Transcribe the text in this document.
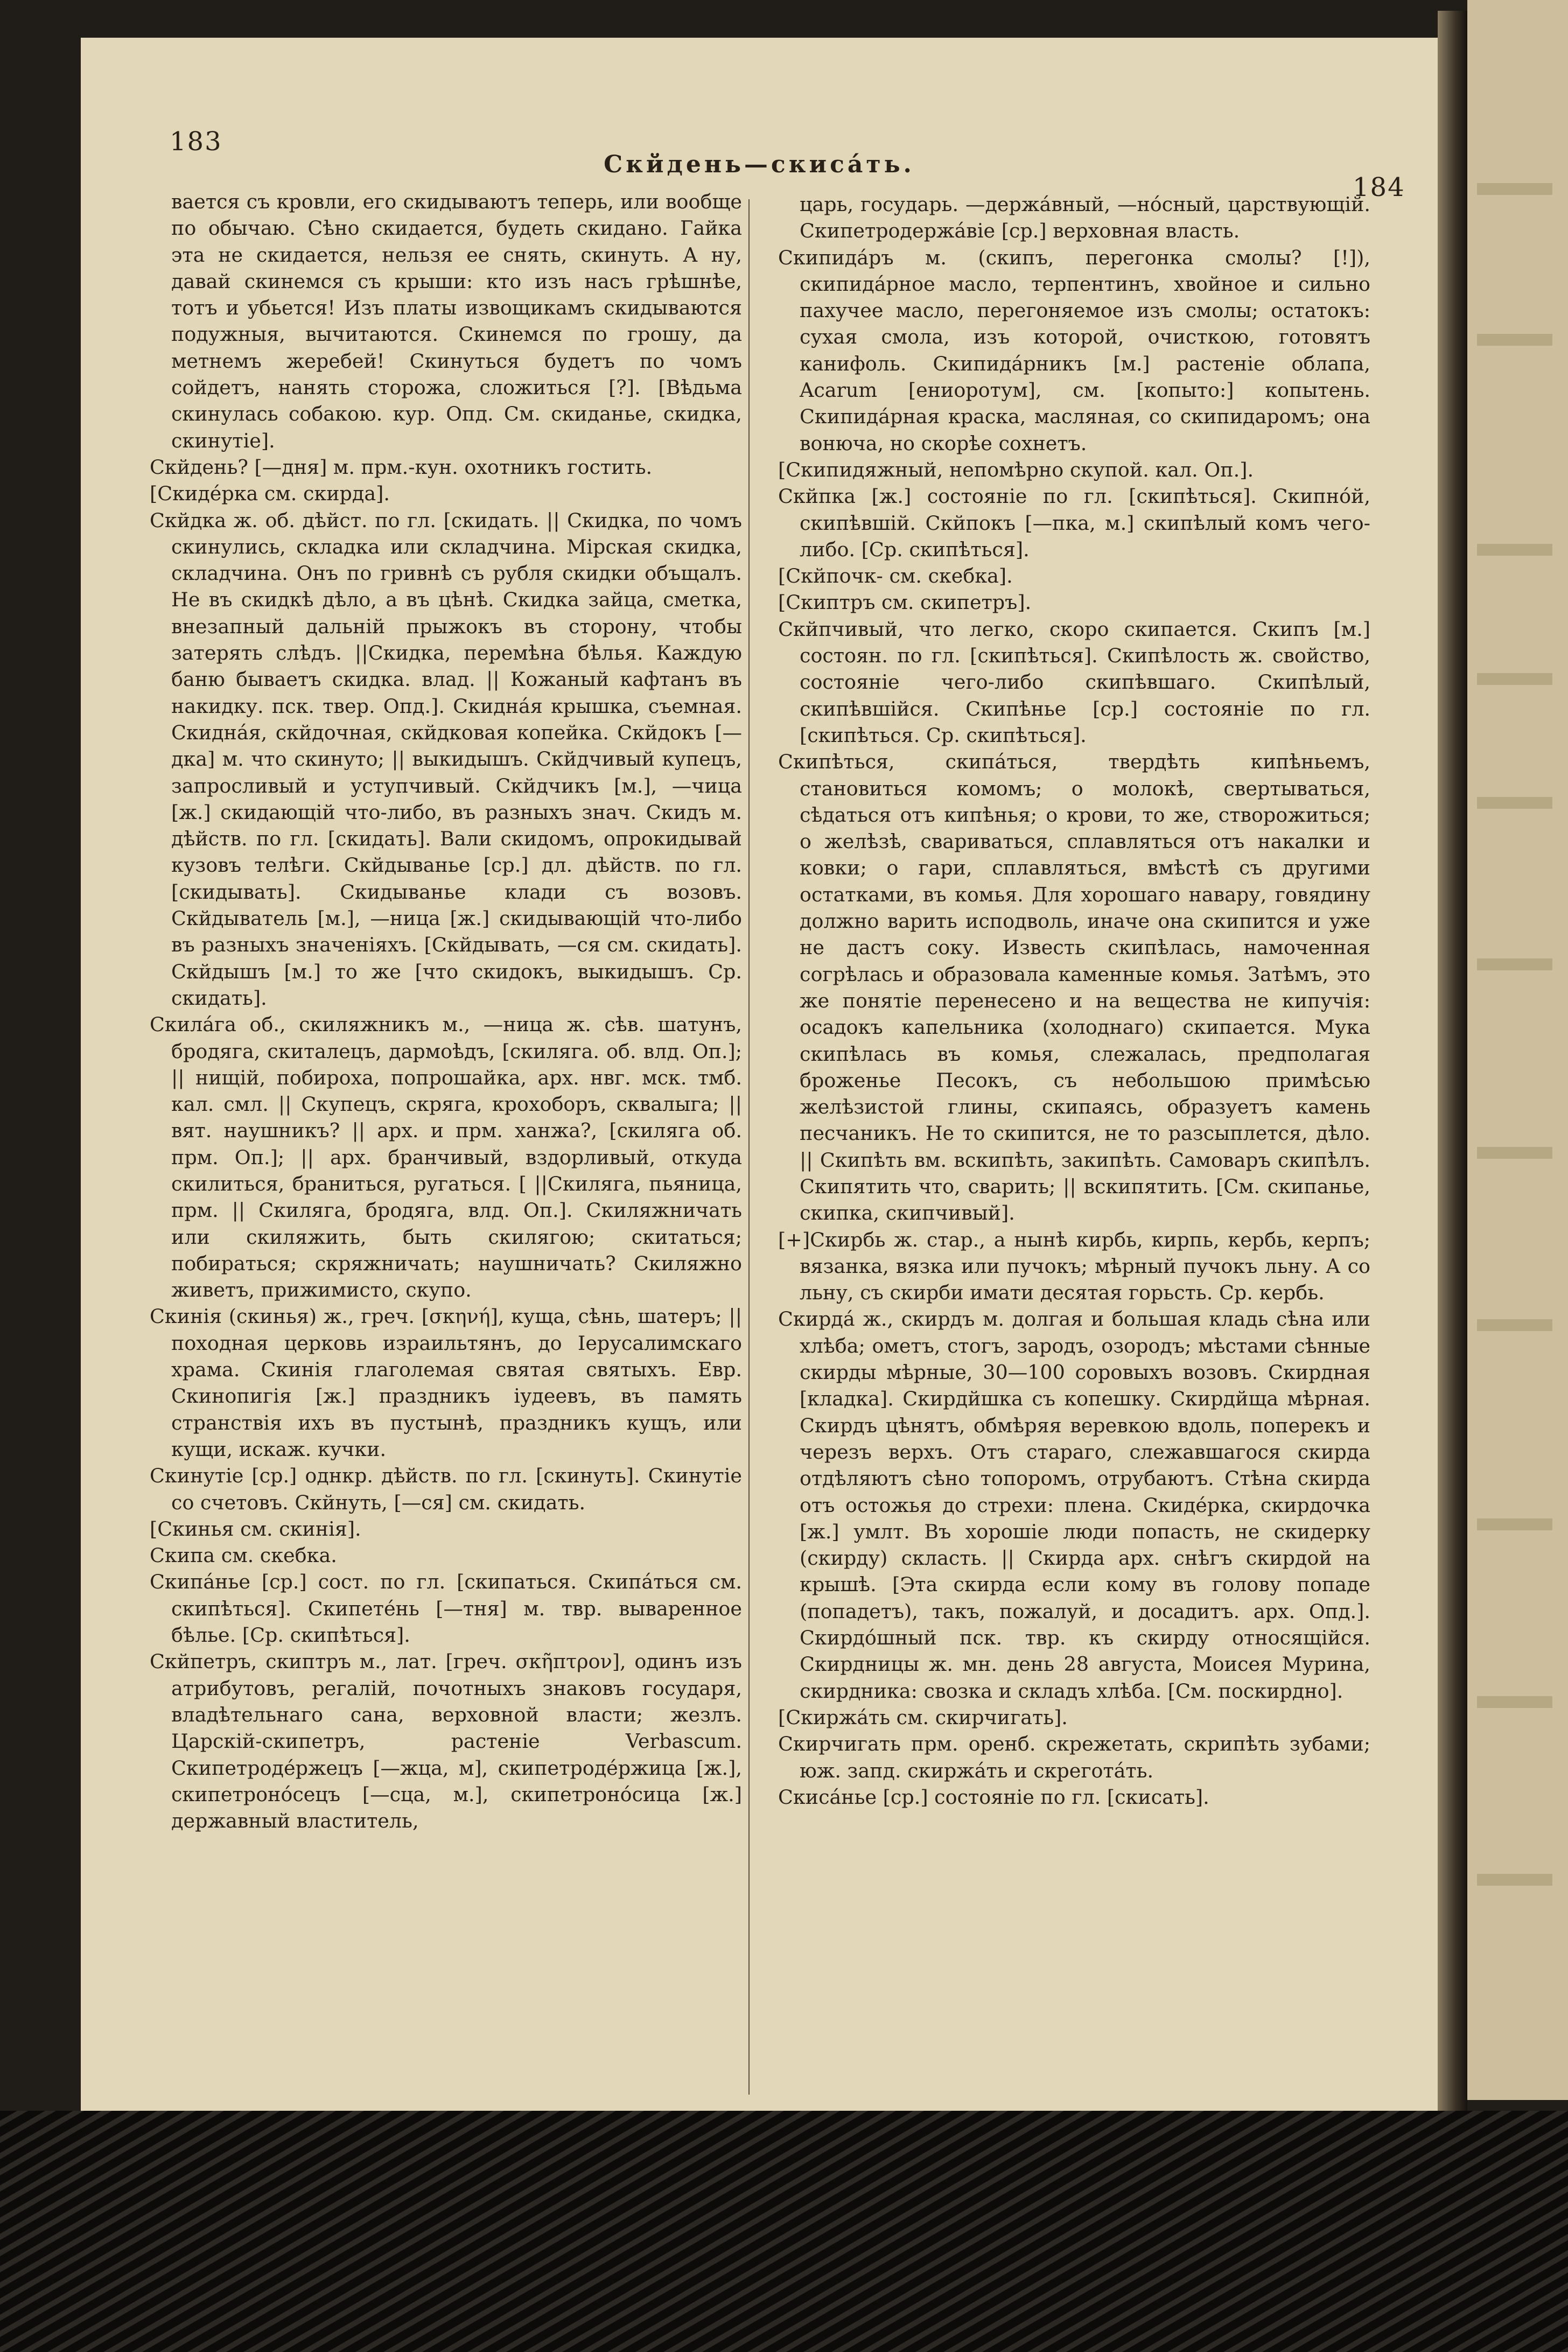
183
Скйдень—скисáть.
184

вается съ кровли, его скидываютъ теперь, или вообще по обычаю. Сѣно скидается, будеть скидано. Гайка эта не скидается, нельзя ее снять, скинуть. А ну, давай скинемся съ крыши: кто изъ насъ грѣшнѣе, тотъ и убьется! Изъ платы извощикамъ скидываются подужныя, вычитаются. Скинемся по грошу, да метнемъ жеребей! Скинуться будетъ по чомъ сойдетъ, нанять сторожа, сложиться [?]. [Вѣдьма скинулась собакою. кур. Опд. См. скиданье, скидка, скинутіе].

Скйдень? [—дня] м. прм.-кун. охотникъ гостить.

[Скидéрка см. скирда].

Скйдка ж. об. дѣйст. по гл. [скидать. || Скидка, по чомъ скинулись, складка или складчина. Мірская скидка, складчина. Онъ по гривнѣ съ рубля скидки объщалъ. Не въ скидкѣ дѣло, а въ цѣнѣ. Скидка зайца, сметка, внезапный дальній прыжокъ въ сторону, чтобы затерять слѣдъ. ||Скидка, перемѣна бѣлья. Каждую баню бываетъ скидка. влад. || Кожаный кафтанъ въ накидку. пск. твер. Опд.]. Скиднáя крышка, съемная. Скиднáя, скйдочная, скйдковая копейка. Скйдокъ [—дка] м. что скинуто; || выкидышъ. Скйдчивый купецъ, запросливый и уступчивый. Скйдчикъ [м.], —чица [ж.] скидающій что-либо, въ разныхъ знач. Скидъ м. дѣйств. по гл. [скидать]. Вали скидомъ, опрокидывай кузовъ телѣги. Скйдыванье [ср.] дл. дѣйств. по гл. [скидывать]. Скидыванье клади съ возовъ. Скйдыватель [м.], —ница [ж.] скидывающій что-либо въ разныхъ значеніяхъ. [Скйдывать, —ся см. скидать]. Скйдышъ [м.] то же [что скидокъ, выкидышъ. Ср. скидать].

Скилáга об., скиляжникъ м., —ница ж. сѣв. шатунъ, бродяга, скиталецъ, дармоѣдъ, [скиляга. об. влд. Оп.]; || нищій, побироха, попрошайка, арх. нвг. мск. тмб. кал. смл. || Скупецъ, скряга, крохоборъ, сквалыга; || вят. наушникъ? || арх. и прм. ханжа?, [скиляга об. прм. Оп.]; || арх. бранчивый, вздорливый, откуда скилиться, браниться, ругаться. [ ||Скиляга, пьяница, прм. || Скиляга, бродяга, влд. Оп.]. Скиляжничать или скиляжить, быть скилягою; скитаться; побираться; скряжничать; наушничать? Скиляжно живетъ, прижимисто, скупо.

Скинія (скинья) ж., греч. [σκηνή], куща, сѣнь, шатеръ; || походная церковь израильтянъ, до Іерусалимскаго храма. Скинія глаголемая святая святыхъ. Евр. Скинопигія [ж.] праздникъ іудеевъ, въ память странствія ихъ въ пустынѣ, праздникъ кущъ, или кущи, искаж. кучки.

Скинутіе [ср.] однкр. дѣйств. по гл. [скинуть]. Скинутіе со счетовъ. Скйнуть, [—ся] см. скидать.

[Скинья см. скинія].

Скипа см. скебка.

Скипáнье [ср.] сост. по гл. [скипаться. Скипáться см. скипѣться]. Скипетéнь [—тня] м. твр. вываренное бѣлье. [Ср. скипѣться].

Скйпетръ, скиптръ м., лат. [греч. σκῆπτρον], одинъ изъ атрибутовъ, регалій, почотныхъ знаковъ государя, владѣтельнаго сана, верховной власти; жезлъ. Царскій-скипетръ, растеніе Verbascum. Скипетродéржецъ [—жца, м], скипетродéржица [ж.], скипетронóсецъ [—сца, м.], скипетронóсица [ж.] державный властитель,

царь, государь. —держáвный, —нóсный, царствующій. Скипетродержáвіе [ср.] верховная власть.

Скипидáръ м. (скипъ, перегонка смолы? [!]), скипидáрное масло, терпентинъ, хвойное и сильно пахучее масло, перегоняемое изъ смолы; остатокъ: сухая смола, изъ которой, очисткою, готовятъ канифоль. Скипидáрникъ [м.] растеніе облапа, Acarum [ениоротум], см. [копыто:] копытень. Скипидáрная краска, масляная, со скипидаромъ; она вонюча, но скорѣе сохнетъ.

[Скипидяжный, непомѣрно скупой. кал. Оп.].

Скйпка [ж.] состояніе по гл. [скипѣться]. Скипнóй, скипѣвшій. Скйпокъ [—пка, м.] скипѣлый комъ чего-либо. [Ср. скипѣться].

[Скйпочк- см. скебка].

[Скиптръ см. скипетръ].

Скйпчивый, что легко, скоро скипается. Скипъ [м.] состоян. по гл. [скипѣться]. Скипѣлость ж. свойство, состояніе чего-либо скипѣвшаго. Скипѣлый, скипѣвшійся. Скипѣнье [ср.] состояніе по гл. [скипѣться. Ср. скипѣться].

Скипѣться, скипáться, твердѣть кипѣньемъ, становиться комомъ; о молокѣ, свертываться, сѣдаться отъ кипѣнья; о крови, то же, створожиться; о желѣзѣ, свариваться, сплавляться отъ накалки и ковки; о гари, сплавляться, вмѣстѣ съ другими остатками, въ комья. Для хорошаго навару, говядину должно варить исподволь, иначе она скипится и уже не дастъ соку. Известь скипѣлась, намоченная согрѣлась и образовала каменные комья. Затѣмъ, это же понятіе перенесено и на вещества не кипучія: осадокъ капельника (холоднаго) скипается. Мука скипѣлась въ комья, слежалась, предполагая броженье Песокъ, съ небольшою примѣсью желѣзистой глины, скипаясь, образуетъ камень песчаникъ. Не то скипится, не то разсыплется, дѣло. || Скипѣть вм. вскипѣть, закипѣть. Самоваръ скипѣлъ. Скипятить что, сварить; || вскипятить. [См. скипанье, скипка, скипчивый].

[+]Скирбь ж. стар., а нынѣ кирбь, кирпь, кербь, керпъ; вязанка, вязка или пучокъ; мѣрный пучокъ льну. А со льну, съ скирби имати десятая горьсть. Ср. кербь.

Скирдá ж., скирдъ м. долгая и большая кладь сѣна или хлѣба; ометъ, стогъ, зародъ, озородъ; мѣстами сѣнные скирды мѣрные, 30—100 соровыхъ возовъ. Скирдная [кладка]. Скирдйшка съ копешку. Скирдйща мѣрная. Скирдъ цѣнятъ, обмѣряя веревкою вдоль, поперекъ и черезъ верхъ. Отъ стараго, слежавшагося скирда отдѣляютъ сѣно топоромъ, отрубаютъ. Стѣна скирда отъ остожья до стрехи: плена. Скидéрка, скирдочка [ж.] умлт. Въ хорошіе люди попасть, не скидерку (скирду) скласть. || Скирда арх. снѣгъ скирдой на крышѣ. [Эта скирда если кому въ голову попаде (попадетъ), такъ, пожалуй, и досадитъ. арх. Опд.]. Скирдóшный пск. твр. къ скирду относящійся. Скирдницы ж. мн. день 28 августа, Моисея Мурина, скирдника: свозка и складъ хлѣба. [См. поскирдно].

[Скиржáть см. скирчигать].

Скирчигать прм. оренб. скрежетать, скрипѣть зубами; юж. запд. скиржáть и скреготáть.

Скисáнье [ср.] состояніе по гл. [скисать].
